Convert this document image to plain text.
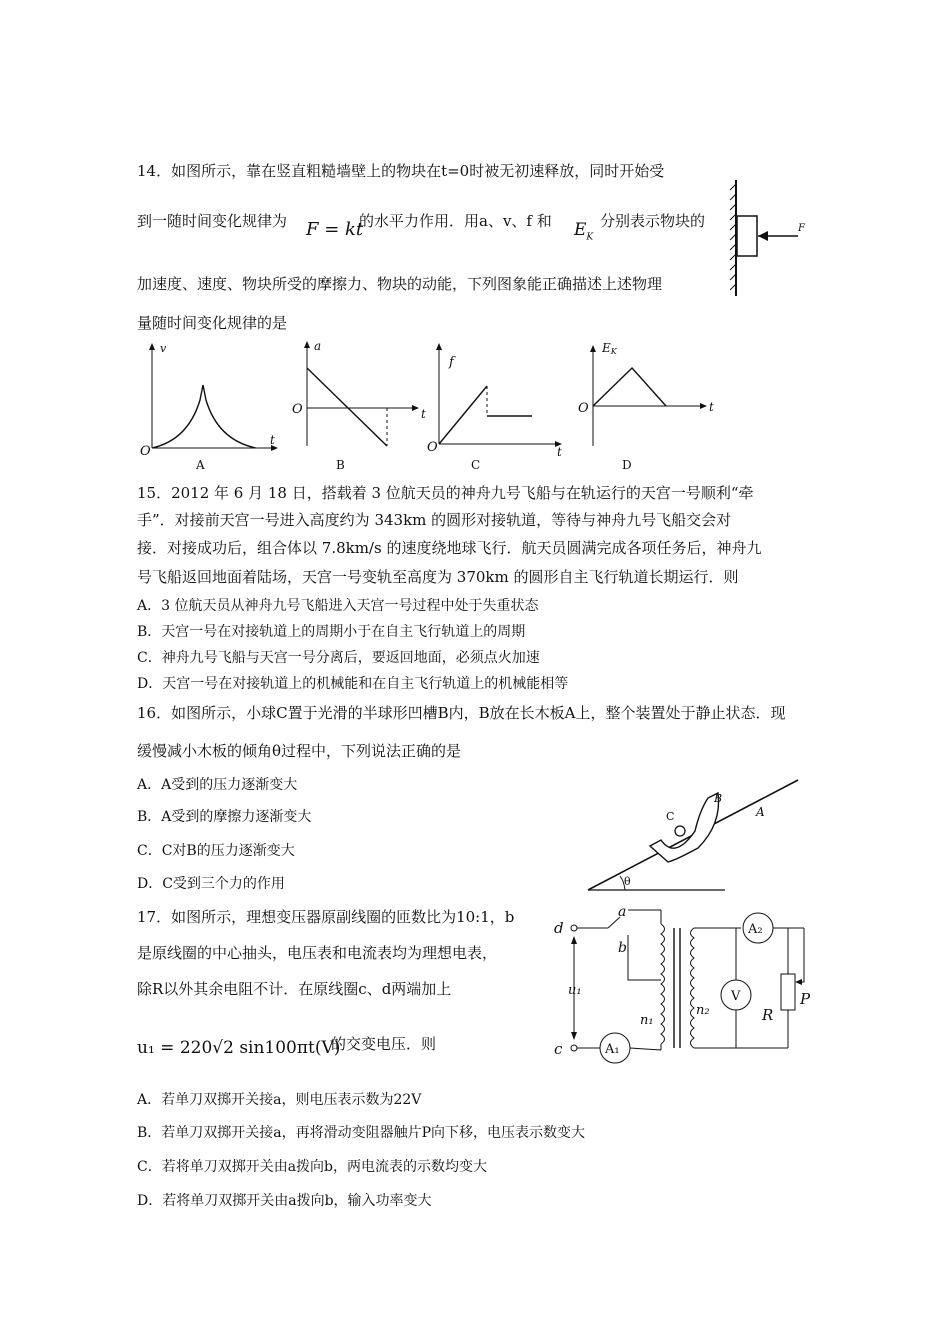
14．如图所示，靠在竖直粗糙墙壁上的物块在t=0时被无初速释放，同时开始受
到一随时间变化规律为 F = kt
的水平力作用．用a、v、f 和 $E_K$
分别表示物块的
加速度、速度、物块所受的摩擦力、物块的动能，下列图象能正确描述上述物理
量随时间变化规律的是
F
v
t
O
A
a
t
O
B
f
t
O
C
EK
t
O
D
15．2012 年 6 月 18 日，搭载着 3 位航天员的神舟九号飞船与在轨运行的天宫一号顺利“牵
手”．对接前天宫一号进入高度约为 343km 的圆形对接轨道，等待与神舟九号飞船交会对
接．对接成功后，组合体以 7.8km/s 的速度绕地球飞行．航天员圆满完成各项任务后，神舟九
号飞船返回地面着陆场，天宫一号变轨至高度为 370km 的圆形自主飞行轨道长期运行．则
A．3 位航天员从神舟九号飞船进入天宫一号过程中处于失重状态
B．天宫一号在对接轨道上的周期小于在自主飞行轨道上的周期
C．神舟九号飞船与天宫一号分离后，要返回地面，必须点火加速
D．天宫一号在对接轨道上的机械能和在自主飞行轨道上的机械能相等
16．如图所示，小球C置于光滑的半球形凹槽B内，B放在长木板A上，整个装置处于静止状态．现
缓慢减小木板的倾角θ过程中，下列说法正确的是
A．A受到的压力逐渐变大
B．A受到的摩擦力逐渐变大
C．C对B的压力逐渐变大
D．C受到三个力的作用
C
B
A
θ
17．如图所示，理想变压器原副线圈的匝数比为10:1，b
是原线圈的中心抽头，电压表和电流表均为理想电表，
除R以外其余电阻不计．在原线圈c、d两端加上
u₁ = 220√2 sin100πt(V)
的交变电压．则
A．若单刀双掷开关接a，则电压表示数为22V
B．若单刀双掷开关接a，再将滑动变阻器触片P向下移，电压表示数变大
C．若将单刀双掷开关由a拨向b，两电流表的示数均变大
D．若将单刀双掷开关由a拨向b，输入功率变大
d
c
u₁
a
b
n₁
n₂
A₁
A₂
V
R
P
